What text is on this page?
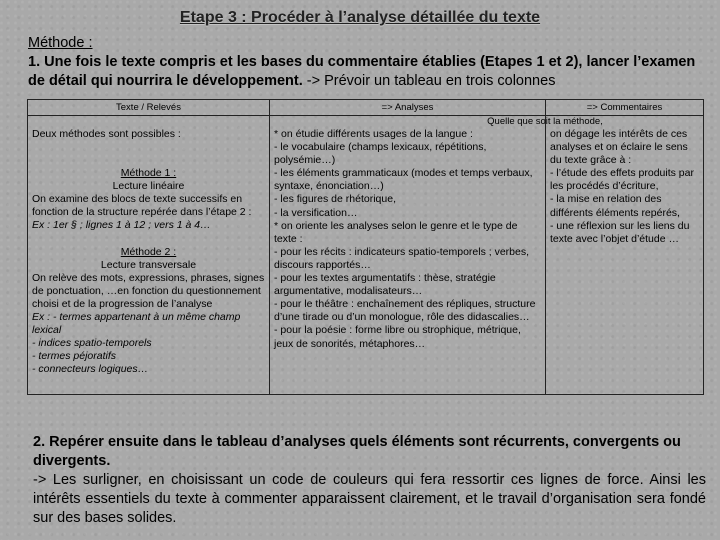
Etape 3 : Procéder à l’analyse détaillée du texte
Méthode :
1. Une fois le texte compris et les bases du commentaire établies (Etapes 1 et 2), lancer l’examen de détail qui nourrira le développement. -> Prévoir un tableau en trois colonnes
Texte / Relevés
Deux méthodes sont possibles :
Méthode 1 :
Lecture linéaire
On examine des blocs de texte successifs en fonction de la structure repérée dans l’étape 2 :
Ex : 1er § ; lignes 1 à 12 ; vers 1 à 4…
Méthode 2 :
Lecture transversale
On relève des mots, expressions, phrases, signes de ponctuation, …en fonction du questionnement choisi et de la progression de l’analyse
Ex : - termes appartenant à un même champ lexical
- indices spatio-temporels
- termes péjoratifs
- connecteurs logiques…
=> Analyses
Quelle que soit la méthode,
* on étudie différents usages de la langue :
- le vocabulaire (champs lexicaux, répétitions, polysémie…)
- les éléments grammaticaux (modes et temps verbaux, syntaxe, énonciation…)
- les figures de rhétorique,
- la versification…
* on oriente les analyses selon le genre et le type de texte :
- pour les récits : indicateurs spatio-temporels ; verbes, discours rapportés…
- pour les textes argumentatifs : thèse, stratégie argumentative, modalisateurs…
- pour le théâtre : enchaînement des répliques, structure d’une tirade ou d’un monologue, rôle des didascalies…
- pour la poésie : forme libre ou strophique, métrique, jeux de sonorités, métaphores…
=> Commentaires
on dégage les intérêts de ces analyses et on éclaire le sens du texte grâce à :
- l’étude des effets produits par les procédés d’écriture,
- la mise en relation des différents éléments repérés,
- une réflexion sur les liens du texte avec l’objet d’étude …
2. Repérer ensuite dans le tableau d’analyses quels éléments sont récurrents, convergents ou divergents.
-> Les surligner, en choisissant un code de couleurs qui fera ressortir ces lignes de force. Ainsi les intérêts essentiels du texte à commenter apparaissent clairement, et le travail d’organisation sera fondé sur des bases solides.
